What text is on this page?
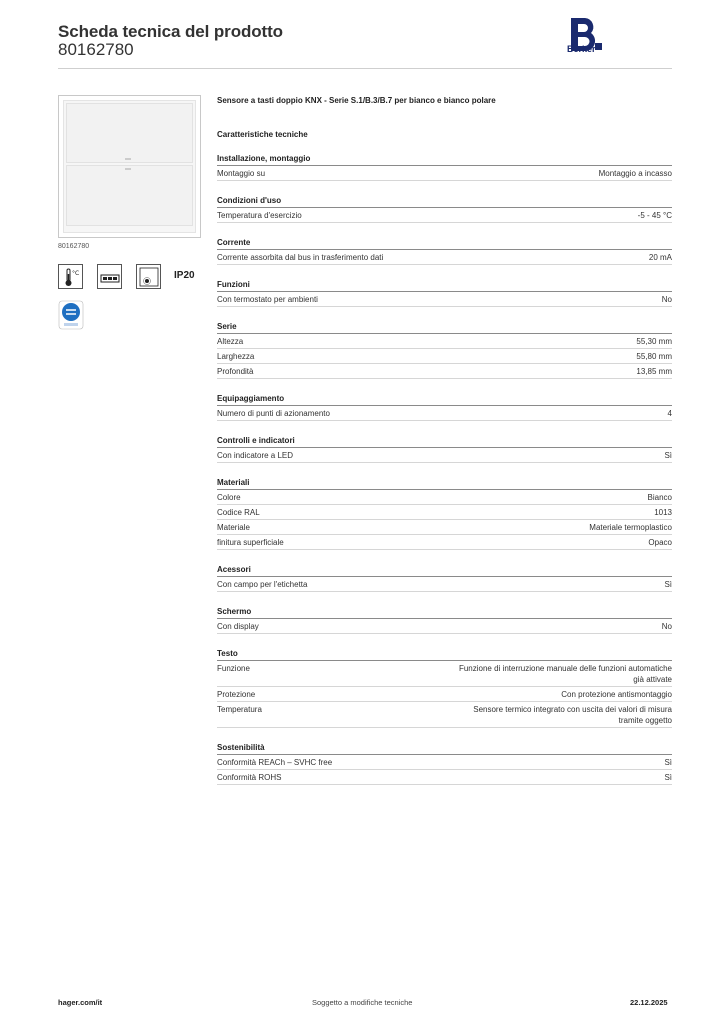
Scheda tecnica del prodotto
80162780	Berker
80162780
°C	IP20
Sensore a tasti doppio KNX - Serie S.1/B.3/B.7 per bianco e bianco polare
Caratteristiche tecniche
Installazione, montaggio
Montaggio su	Montaggio a incasso
Condizioni d'uso
Temperatura d'esercizio	-5 - 45 °C
Corrente
Corrente assorbita dal bus in trasferimento dati	20 mA
Funzioni
Con termostato per ambienti	No
Serie
Altezza	55,30 mm
Larghezza	55,80 mm
Profondità	13,85 mm
Equipaggiamento
Numero di punti di azionamento	4
Controlli e indicatori
Con indicatore a LED	Sì
Materiali
Colore	Bianco
Codice RAL	1013
Materiale	Materiale termoplastico
finitura superficiale	Opaco
Acessori
Con campo per l'etichetta	Sì
Schermo
Con display	No
Testo
Funzione	Funzione di interruzione manuale delle funzioni automatiche già attivate
Protezione	Con protezione antismontaggio
Temperatura	Sensore termico integrato con uscita dei valori di misura tramite oggetto
Sostenibilità
Conformità REACh – SVHC free	Sì
Conformità ROHS	Sì
hager.com/it	Soggetto a modifiche tecniche	22.12.2025
